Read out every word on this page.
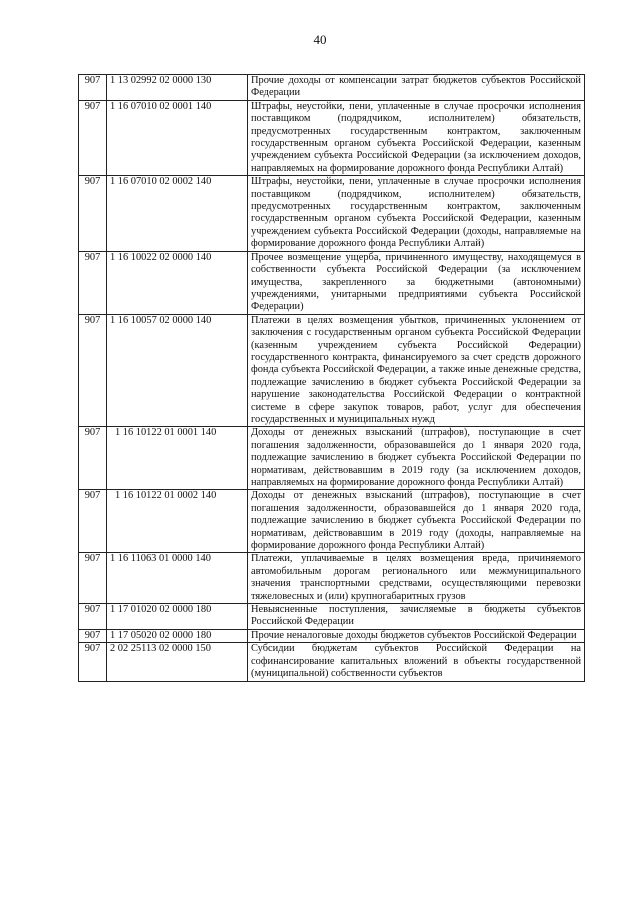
40
907	1 13 02992 02 0000 130	Прочие доходы от компенсации затрат бюджетов субъектов Российской Федерации
907	1 16 07010 02 0001 140	Штрафы, неустойки, пени, уплаченные в случае просрочки исполнения поставщиком (подрядчиком, исполнителем) обязательств, предусмотренных государственным контрактом, заключенным государственным органом субъекта Российской Федерации, казенным учреждением субъекта Российской Федерации (за исключением доходов, направляемых на формирование дорожного фонда Республики Алтай)
907	1 16 07010 02 0002 140	Штрафы, неустойки, пени, уплаченные в случае просрочки исполнения поставщиком (подрядчиком, исполнителем) обязательств, предусмотренных государственным контрактом, заключенным государственным органом субъекта Российской Федерации, казенным учреждением субъекта Российской Федерации (доходы, направляемые на формирование дорожного фонда Республики Алтай)
907	1 16 10022 02 0000 140	Прочее возмещение ущерба, причиненного имуществу, находящемуся в собственности субъекта Российской Федерации (за исключением имущества, закрепленного за бюджетными (автономными) учреждениями, унитарными предприятиями субъекта Российской Федерации)
907	1 16 10057 02 0000 140	Платежи в целях возмещения убытков, причиненных уклонением от заключения с государственным органом субъекта Российской Федерации (казенным учреждением субъекта Российской Федерации) государственного контракта, финансируемого за счет средств дорожного фонда субъекта Российской Федерации, а также иные денежные средства, подлежащие зачислению в бюджет субъекта Российской Федерации за нарушение законодательства Российской Федерации о контрактной системе в сфере закупок товаров, работ, услуг для обеспечения государственных и муниципальных нужд
907	1 16 10122 01 0001 140	Доходы от денежных взысканий (штрафов), поступающие в счет погашения задолженности, образовавшейся до 1 января 2020 года, подлежащие зачислению в бюджет субъекта Российской Федерации по нормативам, действовавшим в 2019 году (за исключением доходов, направляемых на формирование дорожного фонда Республики Алтай)
907	1 16 10122 01 0002 140	Доходы от денежных взысканий (штрафов), поступающие в счет погашения задолженности, образовавшейся до 1 января 2020 года, подлежащие зачислению в бюджет субъекта Российской Федерации по нормативам, действовавшим в 2019 году (доходы, направляемые на формирование дорожного фонда Республики Алтай)
907	1 16 11063 01 0000 140	Платежи, уплачиваемые в целях возмещения вреда, причиняемого автомобильным дорогам регионального или межмуниципального значения транспортными средствами, осуществляющими перевозки тяжеловесных и (или) крупногабаритных грузов
907	1 17 01020 02 0000 180	Невыясненные поступления, зачисляемые в бюджеты субъектов Российской Федерации
907	1 17 05020 02 0000 180	Прочие неналоговые доходы бюджетов субъектов Российской Федерации
907	2 02 25113 02 0000 150	Субсидии бюджетам субъектов Российской Федерации на софинансирование капитальных вложений в объекты государственной (муниципальной) собственности субъектов
